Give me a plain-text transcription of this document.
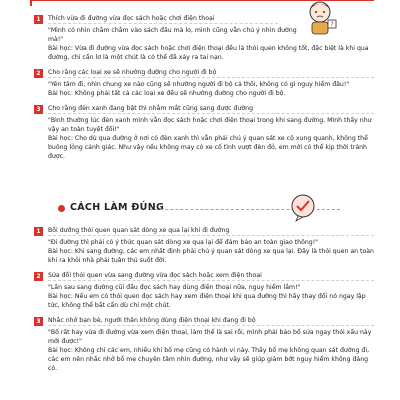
1	Thích vừa đi đường vừa đọc sách hoặc chơi điện thoại
"Mình có nhìn chằm chằm vào sách đâu mà lo, mình cũng vẫn chú ý nhìn đường mà!"
Bài học: Vừa đi đường vừa đọc sách hoặc chơi điện thoại đều là thói quen không tốt, đặc biệt là khi qua đường, chỉ cần lơ là một chút là có thể đã xảy ra tai nạn.
2	Cho rằng các loại xe sẽ nhường đường cho người đi bộ
"Yên tâm đi, nhìn chung xe nào cũng sẽ nhường người đi bộ cả thôi, không có gì nguy hiểm đâu!"
Bài học: Không phải tất cả các loại xe đều sẽ nhường đường cho người đi bộ.
3	Cho rằng đèn xanh đang bật thì nhắm mắt cũng sang được đường
"Bình thường lúc đèn xanh mình vẫn đọc sách hoặc chơi điện thoại trong khi sang đường. Mình thấy như vậy an toàn tuyệt đối!"
Bài học: Cho dù qua đường ở nơi có đèn xanh thì vẫn phải chú ý quan sát xe cộ xung quanh, không thể buông lỏng cảnh giác. Như vậy nếu không may có xe cố tình vượt đèn đỏ, em mới có thể kịp thời tránh được.
?
CÁCH LÀM ĐÚNG
1	Bồi dưỡng thói quen quan sát dòng xe qua lại khi đi đường
"Đi đường thì phải có ý thức quan sát dòng xe qua lại để đảm bảo an toàn giao thông!"
Bài học: Khi sang đường, các em nhất định phải chú ý quan sát dòng xe qua lại. Đây là thói quen an toàn khi ra khỏi nhà phải tuân thủ suốt đời.
2	Sửa đổi thói quen vừa sang đường vừa đọc sách hoặc xem điện thoại
"Lần sau sang đường cũi đầu đọc sách hay dùng điện thoại nữa, nguy hiểm lắm!"
Bài học: Nếu em có thói quen đọc sách hay xem điện thoại khi qua đường thì hãy thay đổi nó ngay lập tức, không thể bắt cẩn dù chỉ một chút.
3	Nhắc nhở bạn bè, người thân không dùng điện thoại khi đang đi bộ
"Bố rất hay vừa đi đường vừa xem điện thoại, làm thế là sai rồi, mình phải bảo bố sửa ngay thói xấu này mới được!"
Bài học: Không chỉ các em, nhiều khi bố mẹ cũng có hành vi này. Thấy bố mẹ không quan sát đường đi, các em nên nhắc nhở bố mẹ chuyên tâm nhìn đường, như vậy sẽ giúp giảm bớt nguy hiểm không đáng có.
